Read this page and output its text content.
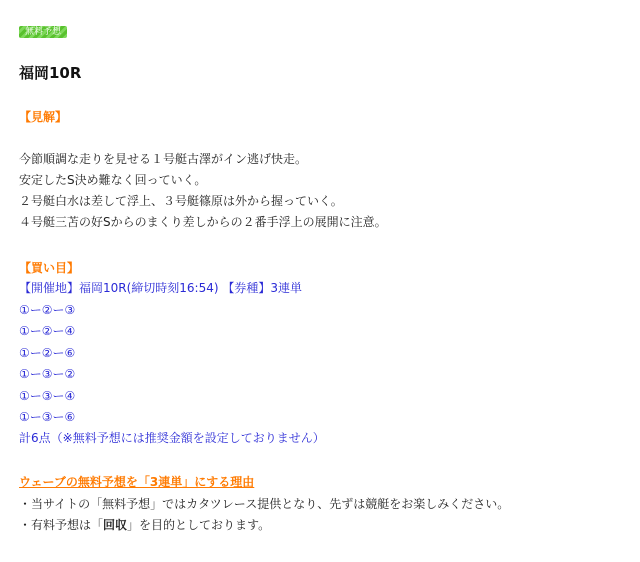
無料予想
福岡10R
【見解】

今節順調な走りを見せる１号艇古澤がイン逃げ快走。

安定したS決め難なく回っていく。

２号艇白水は差して浮上、３号艇篠原は外から握っていく。

４号艇三苫の好Sからのまくり差しからの２番手浮上の展開に注意。

【買い目】

【開催地】福岡10R(締切時刻16:54) 【券種】3連単

①ー②ー③

①ー②ー④

①ー②ー⑥

①ー③ー②

①ー③ー④

①ー③ー⑥

計6点（※無料予想には推奨金額を設定しておりません）

ウェーブの無料予想を「3連単」にする理由

・当サイトの「無料予想」ではカタツレース提供となり、先ずは競艇をお楽しみください。

・有料予想は「回収」を目的としております。
